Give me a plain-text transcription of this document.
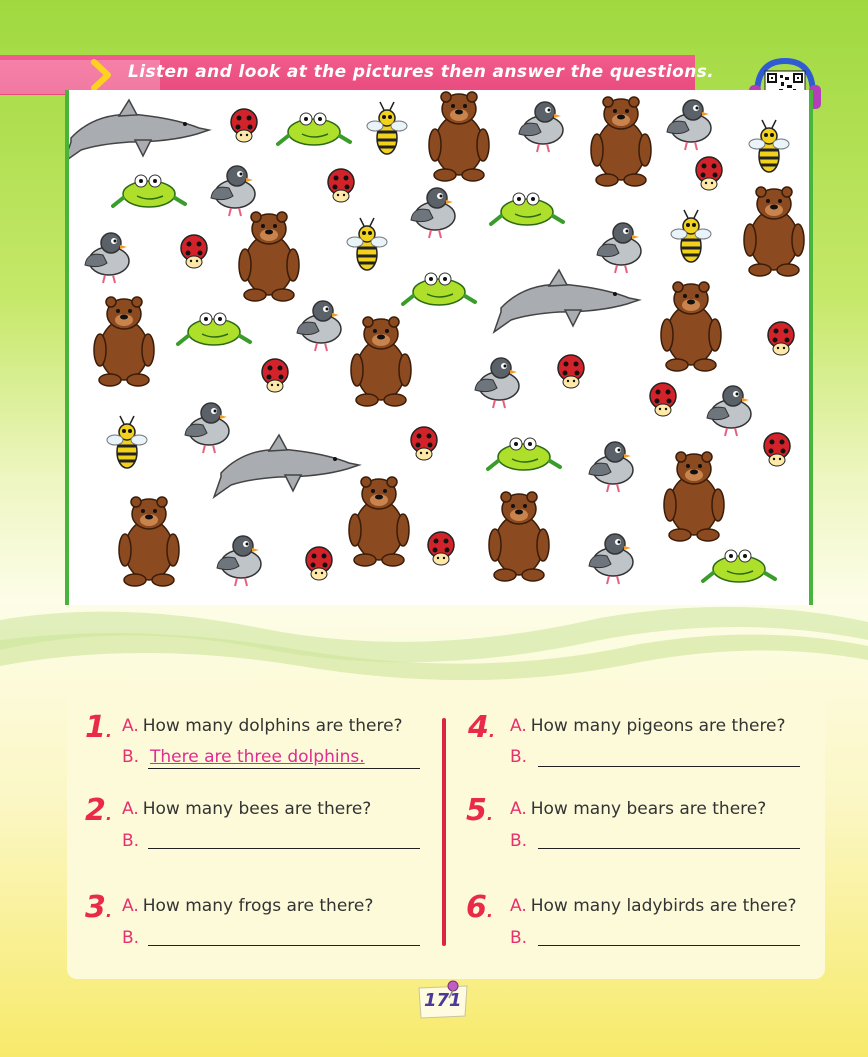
Listen and look at the pictures then answer the questions.
1. A. How many dolphins are there?
B. There are three dolphins.
2. A. How many bees are there?
B.
3. A. How many frogs are there?
B.
4. A. How many pigeons are there?
B.
5. A. How many bears are there?
B.
6. A. How many ladybirds are there?
B.
171
